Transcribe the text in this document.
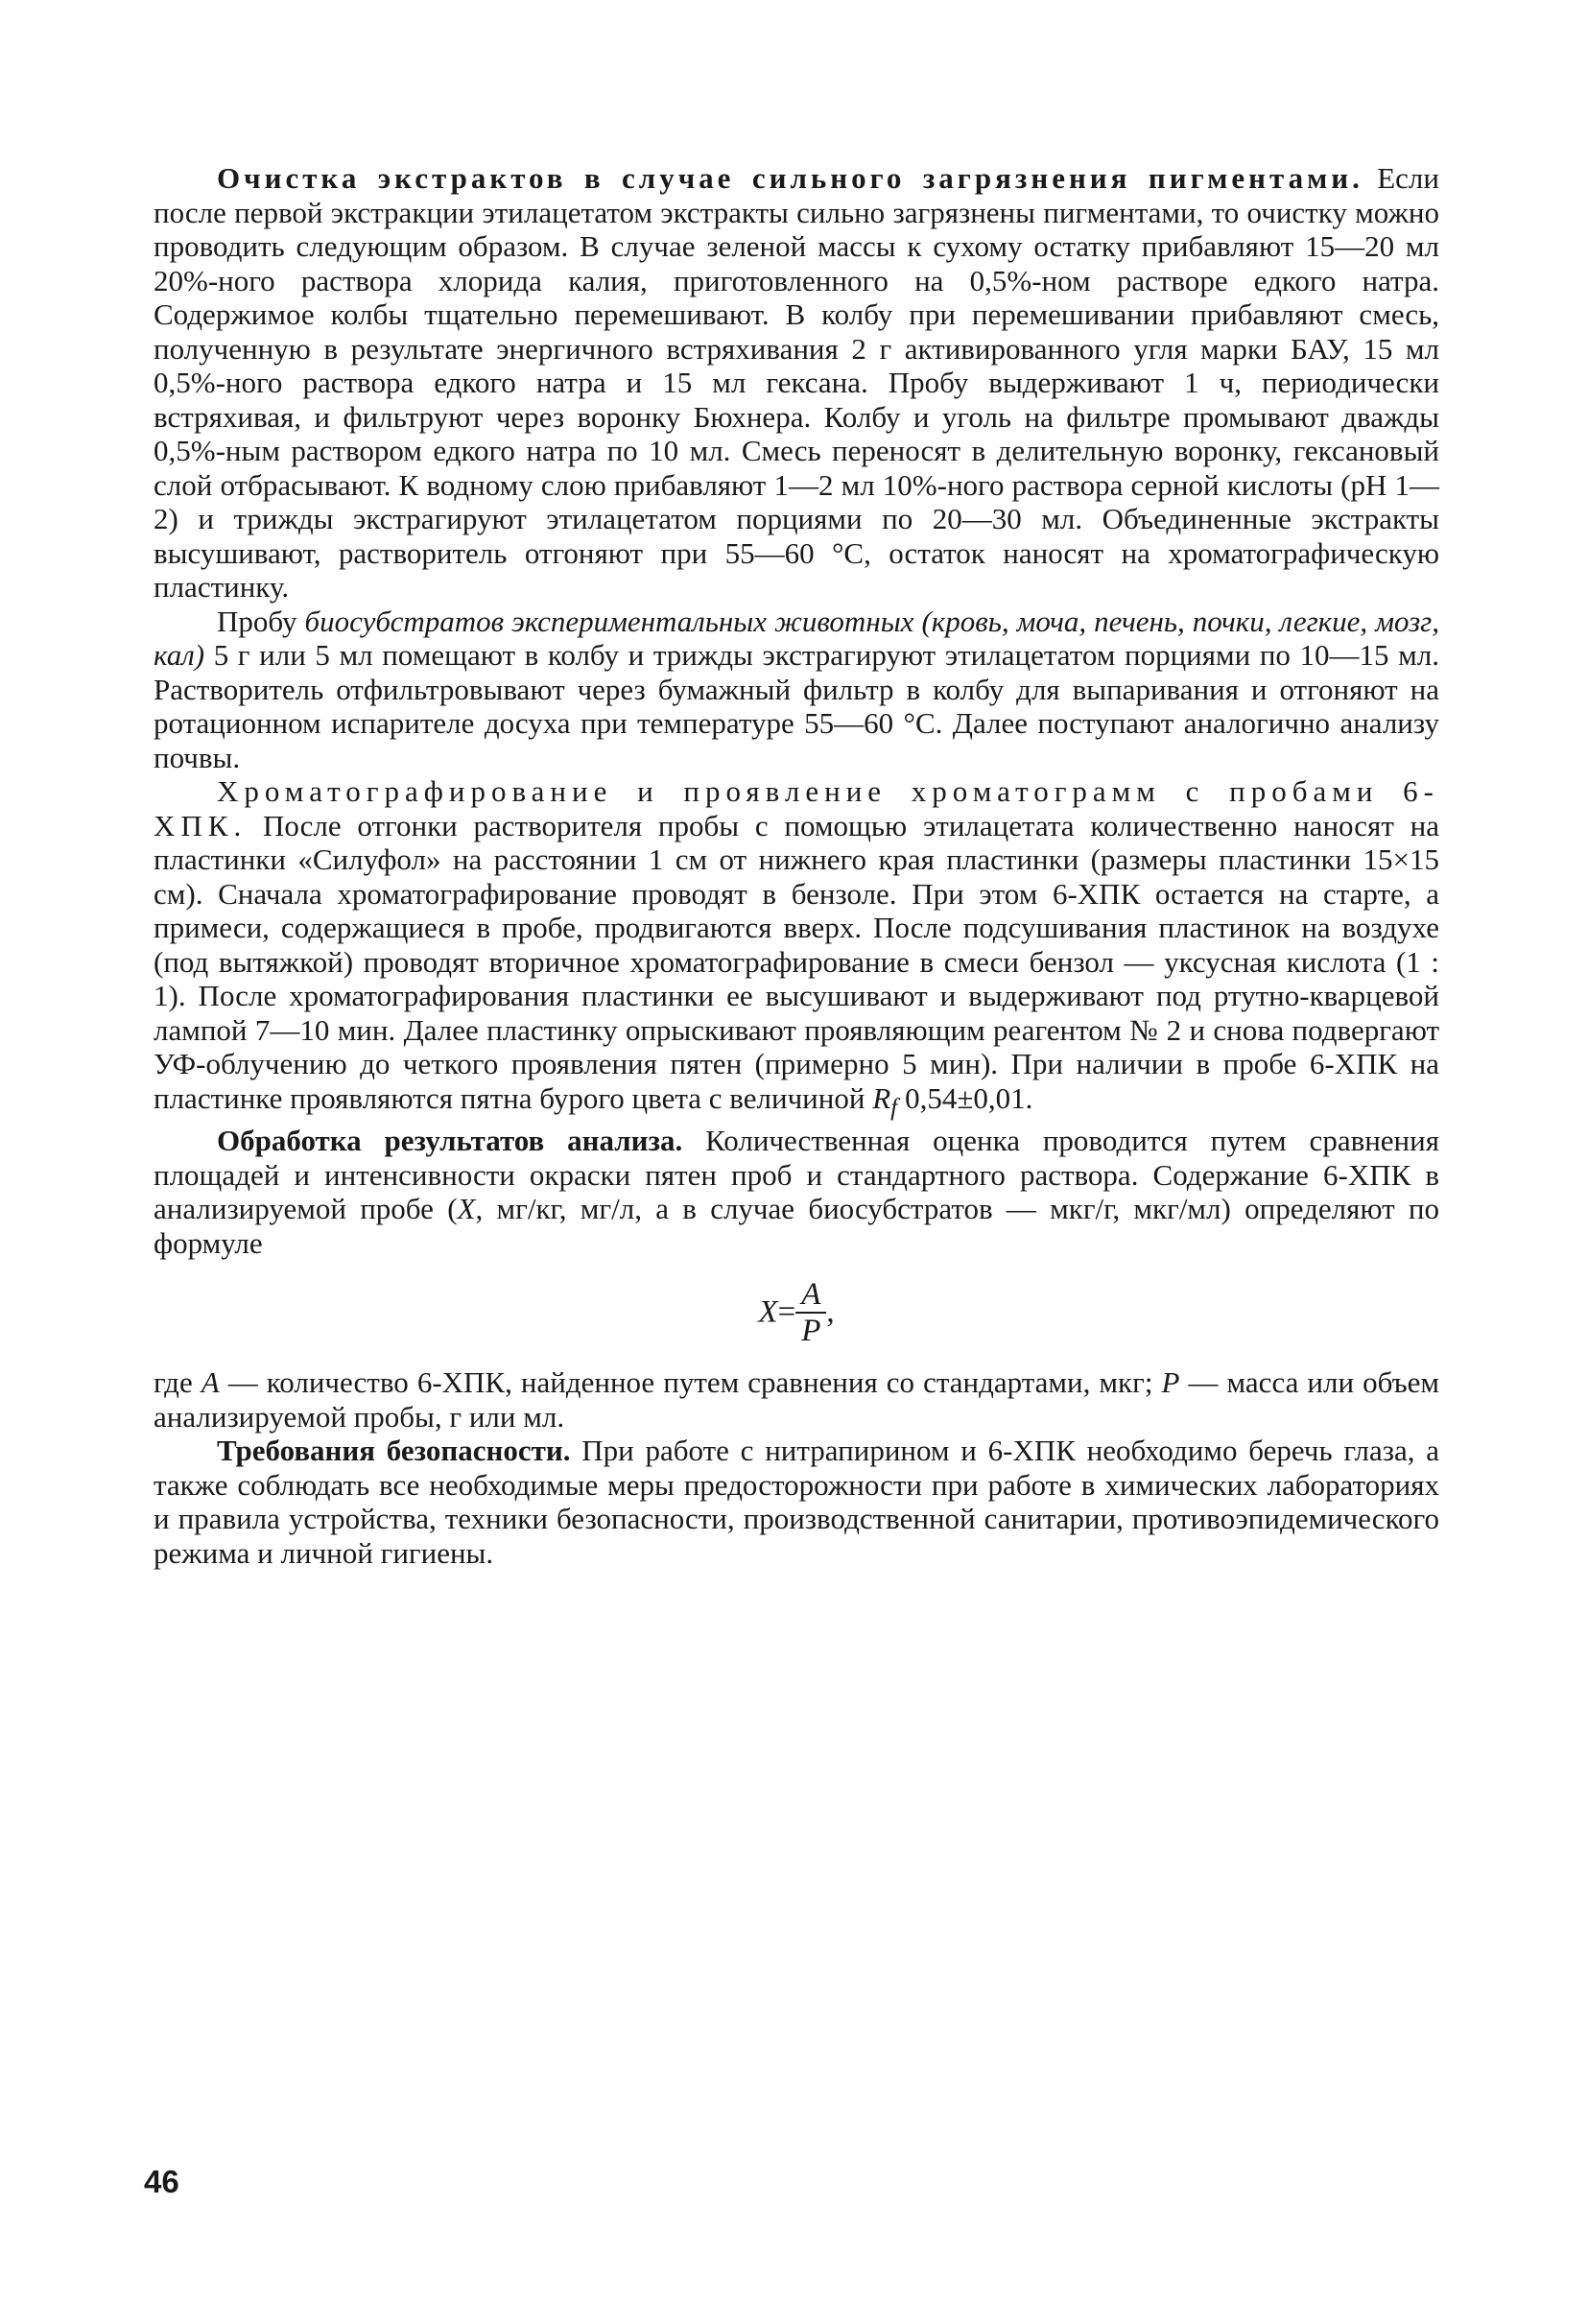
Очистка экстрактов в случае сильного загрязнения пигментами. Если после первой экстракции этилацетатом экстракты сильно загрязнены пигментами, то очистку можно проводить следующим образом. В случае зеленой массы к сухому остатку прибавляют 15—20 мл 20%-ного раствора хлорида калия, приготовленного на 0,5%-ном растворе едкого натра. Содержимое колбы тщательно перемешивают. В колбу при перемешивании прибавляют смесь, полученную в результате энергичного встряхивания 2 г активированного угля марки БАУ, 15 мл 0,5%-ного раствора едкого натра и 15 мл гексана. Пробу выдерживают 1 ч, периодически встряхивая, и фильтруют через воронку Бюхнера. Колбу и уголь на фильтре промывают дважды 0,5%-ным раствором едкого натра по 10 мл. Смесь переносят в делительную воронку, гексановый слой отбрасывают. К водному слою прибавляют 1—2 мл 10%-ного раствора серной кислоты (pH 1—2) и трижды экстрагируют этилацетатом порциями по 20—30 мл. Объединенные экстракты высушивают, растворитель отгоняют при 55—60 °С, остаток наносят на хроматографическую пластинку.

Пробу биосубстратов экспериментальных животных (кровь, моча, печень, почки, легкие, мозг, кал) 5 г или 5 мл помещают в колбу и трижды экстрагируют этилацетатом порциями по 10—15 мл. Растворитель отфильтровывают через бумажный фильтр в колбу для выпаривания и отгоняют на ротационном испарителе досуха при температуре 55—60 °С. Далее поступают аналогично анализу почвы.

Хроматографирование и проявление хроматограмм с пробами 6-ХПК. После отгонки растворителя пробы с помощью этилацетата количественно наносят на пластинки «Силуфол» на расстоянии 1 см от нижнего края пластинки (размеры пластинки 15×15 см). Сначала хроматографирование проводят в бензоле. При этом 6-ХПК остается на старте, а примеси, содержащиеся в пробе, продвигаются вверх. После подсушивания пластинок на воздухе (под вытяжкой) проводят вторичное хроматографирование в смеси бензол — уксусная кислота (1 : 1). После хроматографирования пластинки ее высушивают и выдерживают под ртутно-кварцевой лампой 7—10 мин. Далее пластинку опрыскивают проявляющим реагентом № 2 и снова подвергают УФ-облучению до четкого проявления пятен (примерно 5 мин). При наличии в пробе 6-ХПК на пластинке проявляются пятна бурого цвета с величиной $R_f$ 0,54±0,01.

Обработка результатов анализа. Количественная оценка проводится путем сравнения площадей и интенсивности окраски пятен проб и стандартного раствора. Содержание 6-ХПК в анализируемой пробе (X, мг/кг, мг/л, а в случае биосубстратов — мкг/г, мкг/мл) определяют по формуле

$X= \frac{A}{P}$ ,

где A — количество 6-ХПК, найденное путем сравнения со стандартами, мкг; P — масса или объем анализируемой пробы, г или мл.

Требования безопасности. При работе с нитрапирином и 6-ХПК необходимо беречь глаза, а также соблюдать все необходимые меры предосторожности при работе в химических лабораториях и правила устройства, техники безопасности, производственной санитарии, противоэпидемического режима и личной гигиены.

46
